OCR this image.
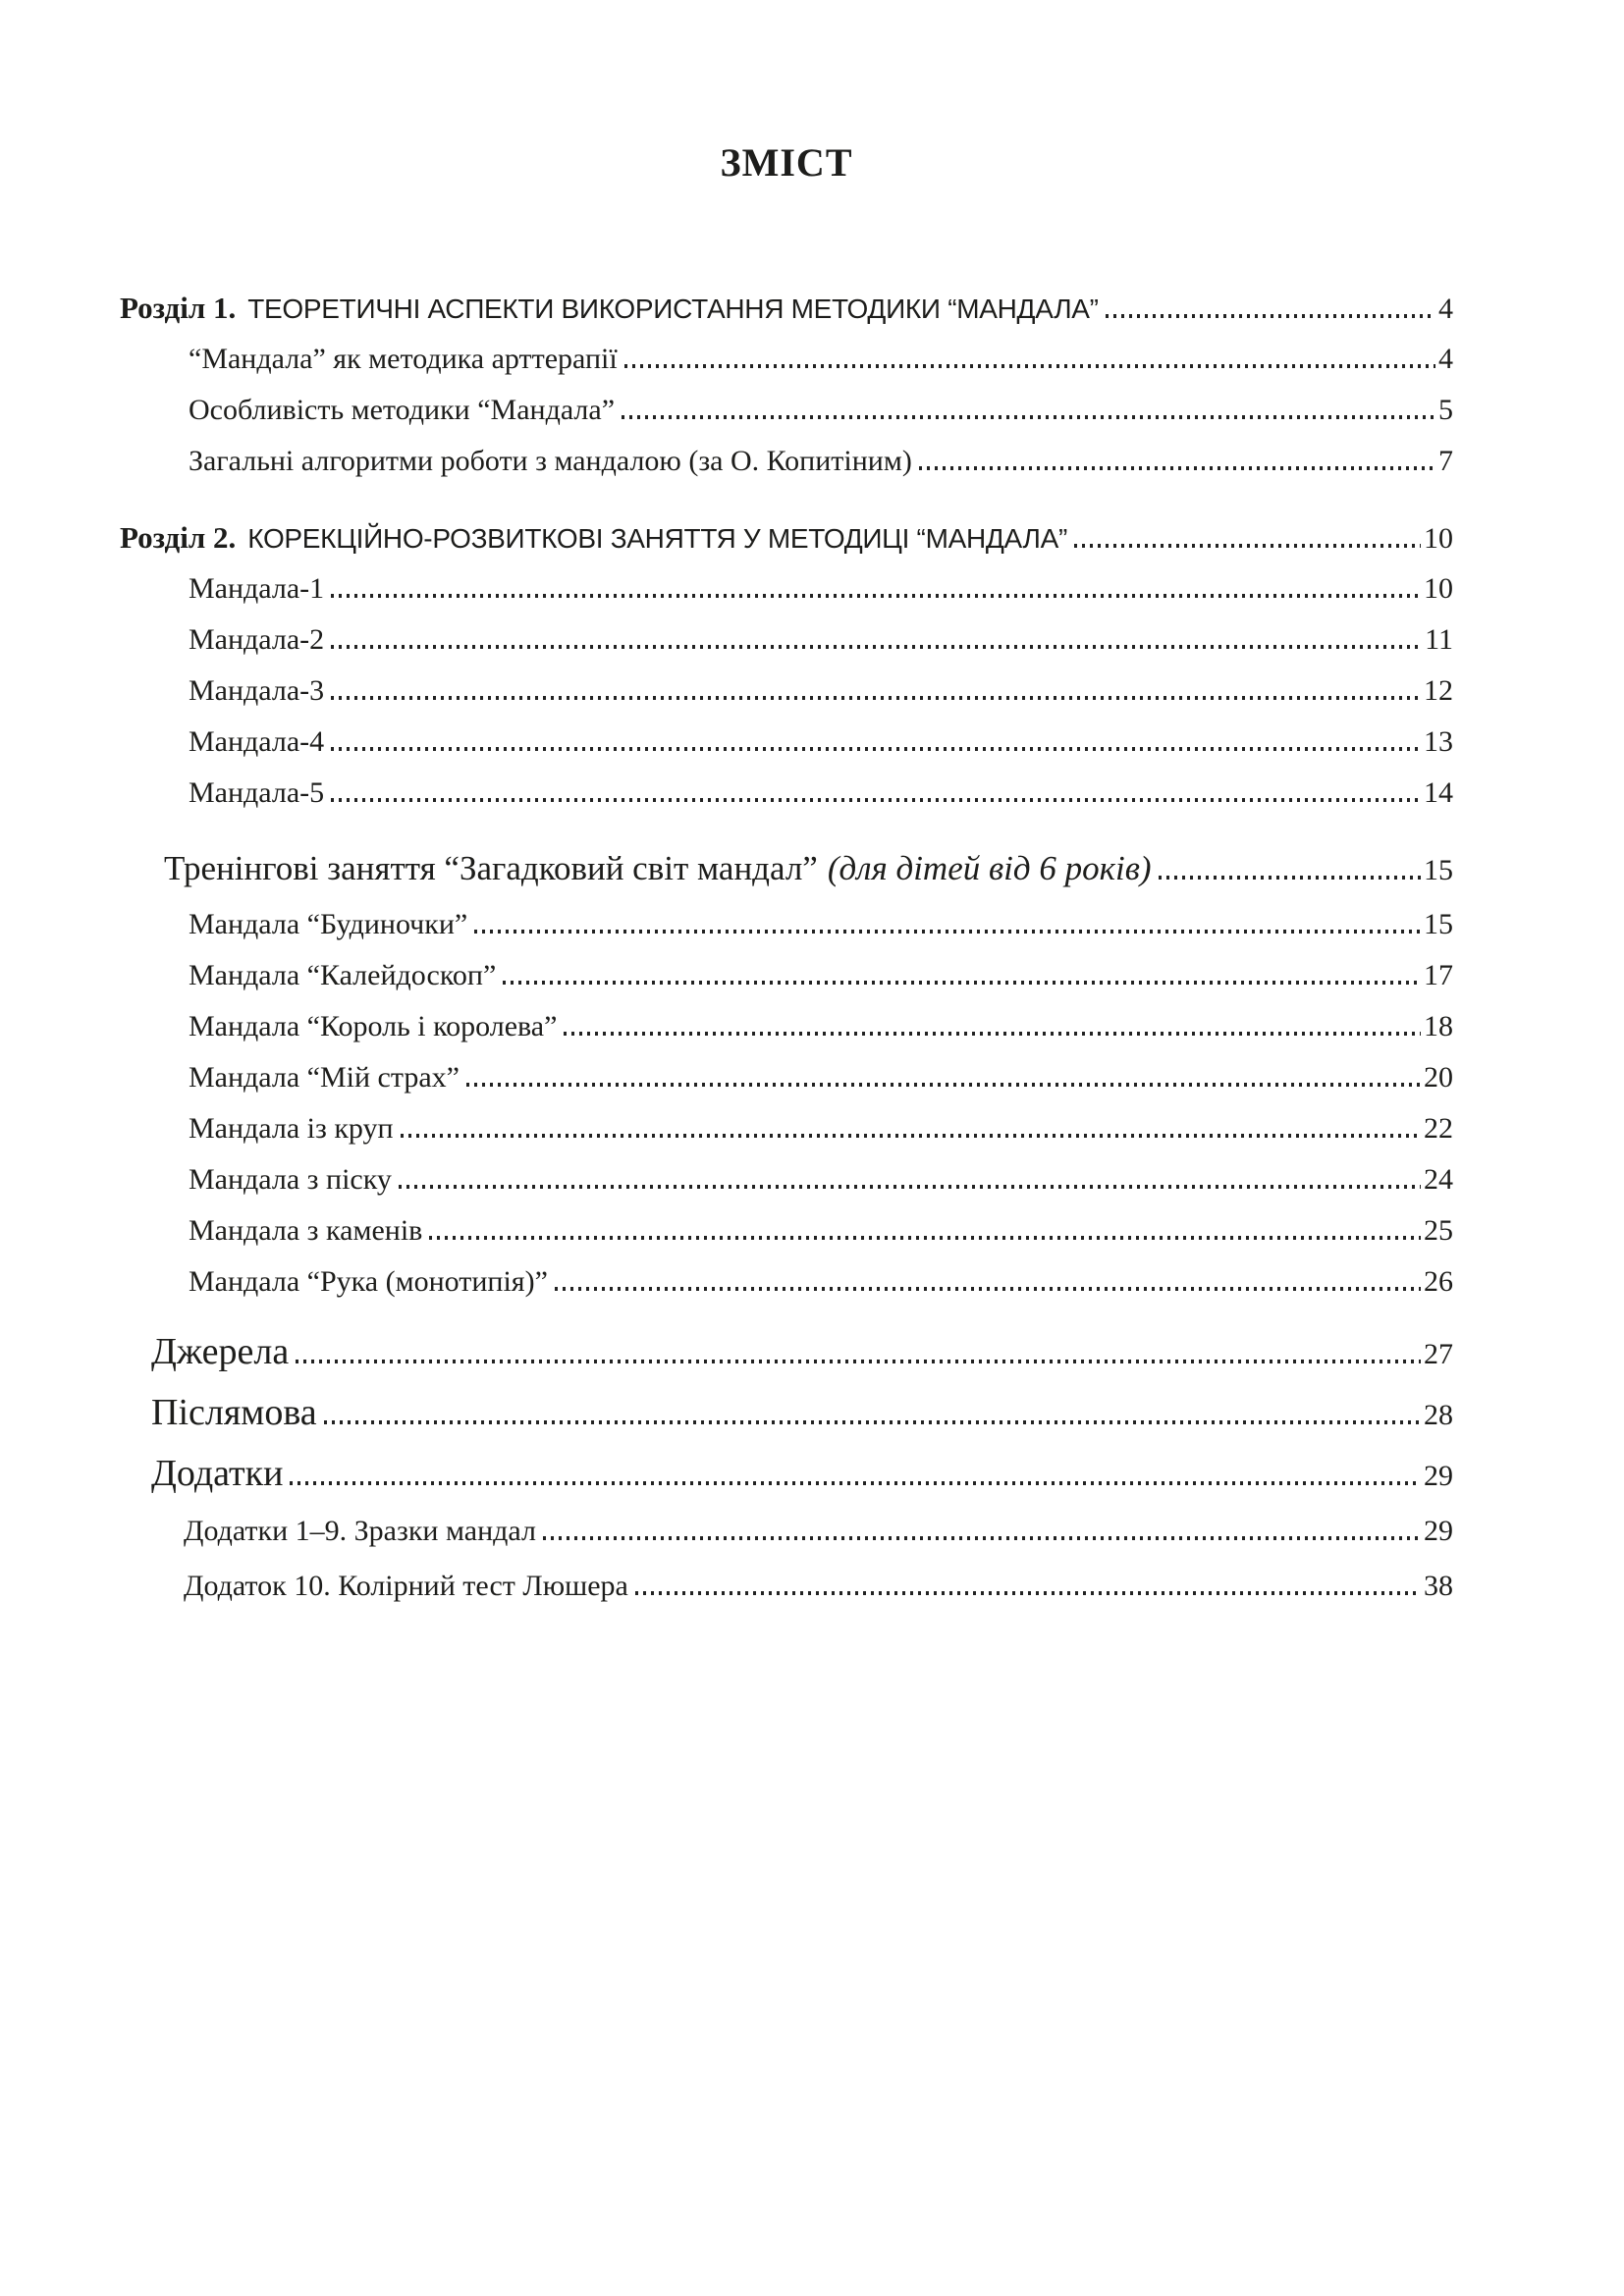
ЗМІСТ
Розділ 1. ТЕОРЕТИЧНІ АСПЕКТИ ВИКОРИСТАННЯ МЕТОДИКИ “МАНДАЛА”	4
“Мандала” як методика арттерапії	4
Особливість методики “Мандала”	5
Загальні алгоритми роботи з мандалою (за О. Копитіним)	7
Розділ 2. КОРЕКЦІЙНО-РОЗВИТКОВІ ЗАНЯТТЯ У МЕТОДИЦІ “МАНДАЛА”	10
Мандала-1	10
Мандала-2	11
Мандала-3	12
Мандала-4	13
Мандала-5	14
Тренінгові заняття “Загадковий світ мандал” (для дітей від 6 років)	15
Мандала “Будиночки”	15
Мандала “Калейдоскоп”	17
Мандала “Король і королева”	18
Мандала “Мій страх”	20
Мандала із круп	22
Мандала з піску	24
Мандала з каменів	25
Мандала “Рука (монотипія)”	26
Джерела	27
Післямова	28
Додатки	29
Додатки 1–9. Зразки мандал	29
Додаток 10. Колірний тест Люшера	38
